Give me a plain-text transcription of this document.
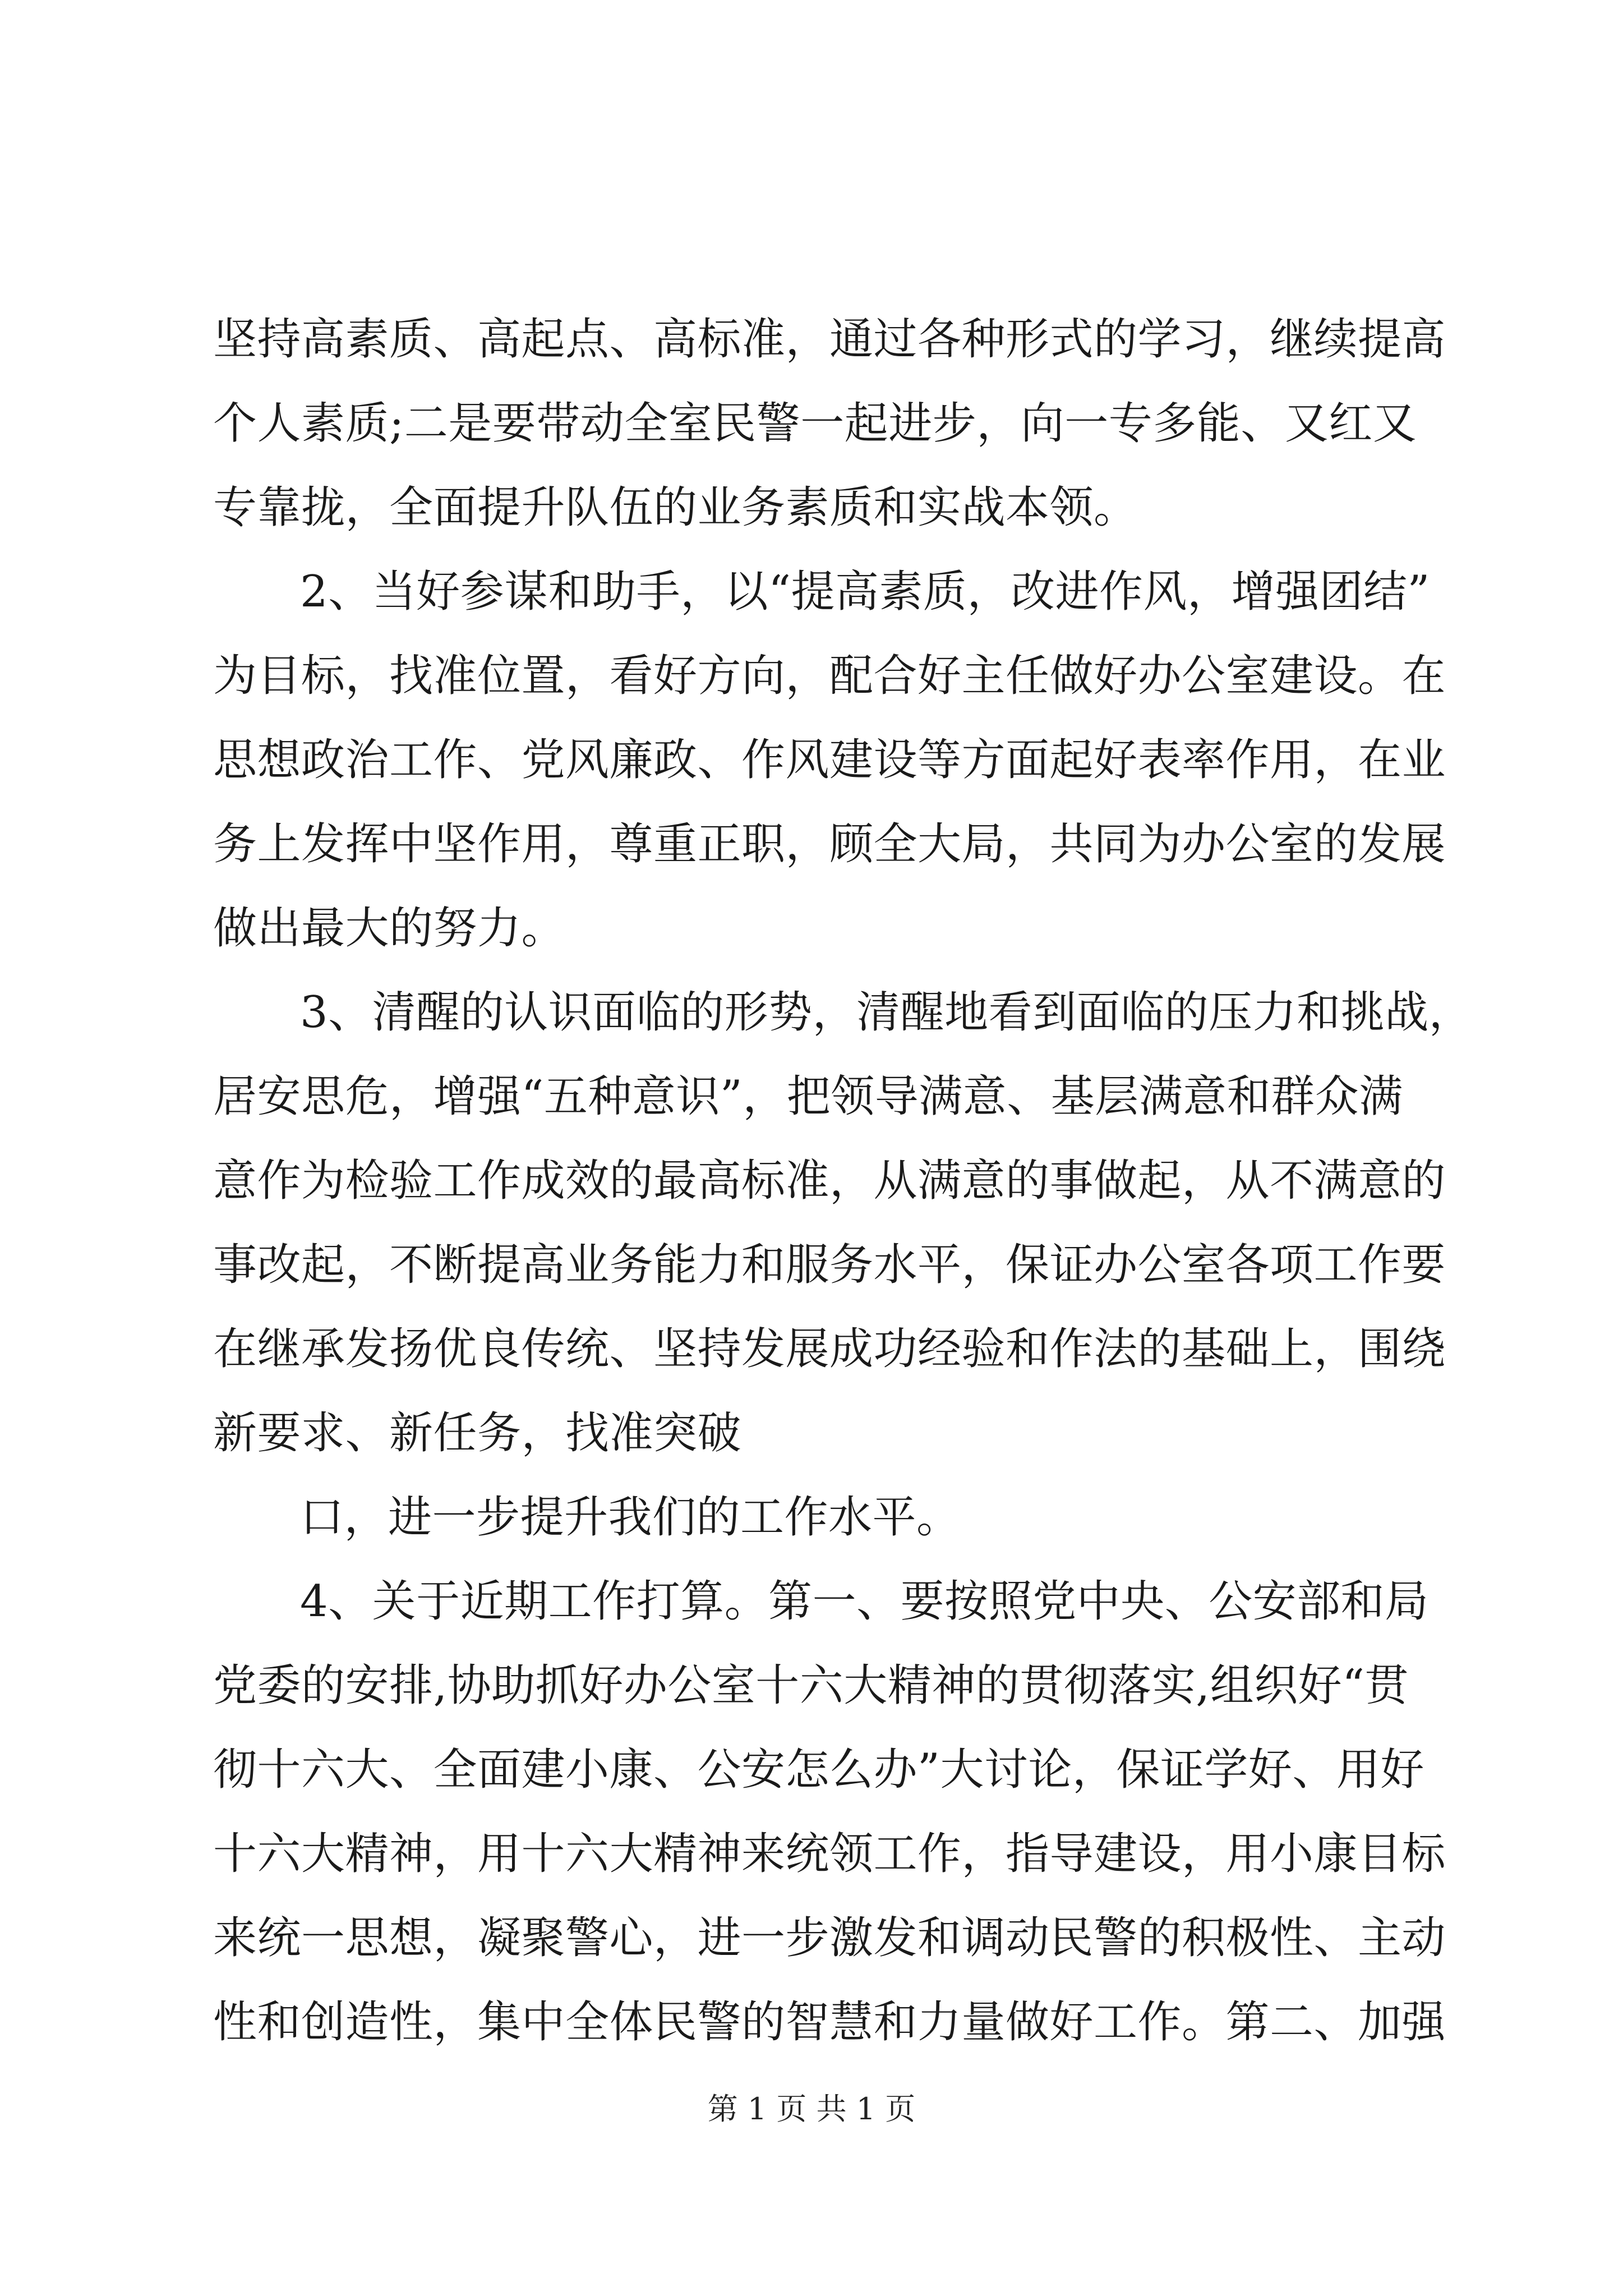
坚持高素质、高起点、高标准，通过各种形式的学习，继续提高
个人素质;二是要带动全室民警一起进步，向一专多能、又红又
专靠拢，全面提升队伍的业务素质和实战本领。
2、当好参谋和助手，以“提高素质，改进作风，增强团结”
为目标，找准位置，看好方向，配合好主任做好办公室建设。在
思想政治工作、党风廉政、作风建设等方面起好表率作用，在业
务上发挥中坚作用，尊重正职，顾全大局，共同为办公室的发展
做出最大的努力。
3、清醒的认识面临的形势，清醒地看到面临的压力和挑战，
居安思危，增强“五种意识”，把领导满意、基层满意和群众满
意作为检验工作成效的最高标准，从满意的事做起，从不满意的
事改起，不断提高业务能力和服务水平，保证办公室各项工作要
在继承发扬优良传统、坚持发展成功经验和作法的基础上，围绕
新要求、新任务，找准突破
口，进一步提升我们的工作水平。
4、关于近期工作打算。第一、要按照党中央、公安部和局
党委的安排,协助抓好办公室十六大精神的贯彻落实,组织好“贯
彻十六大、全面建小康、公安怎么办”大讨论，保证学好、用好
十六大精神，用十六大精神来统领工作，指导建设，用小康目标
来统一思想，凝聚警心，进一步激发和调动民警的积极性、主动
性和创造性，集中全体民警的智慧和力量做好工作。第二、加强
第 1 页 共 1 页
